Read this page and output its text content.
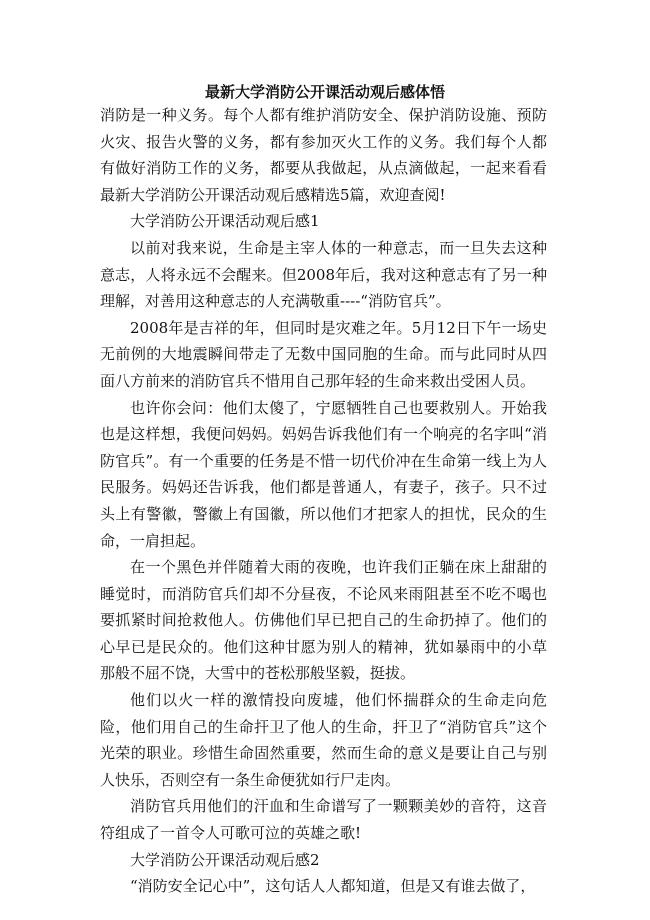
最新大学消防公开课活动观后感体悟

消防是一种义务。每个人都有维护消防安全、保护消防设施、预防火灾、报告火警的义务，都有参加灭火工作的义务。我们每个人都有做好消防工作的义务，都要从我做起，从点滴做起，一起来看看最新大学消防公开课活动观后感精选5篇，欢迎查阅!

大学消防公开课活动观后感1

以前对我来说，生命是主宰人体的一种意志，而一旦失去这种意志，人将永远不会醒来。但2008年后，我对这种意志有了另一种理解，对善用这种意志的人充满敬重----“消防官兵”。

2008年是吉祥的年，但同时是灾难之年。5月12日下午一场史无前例的大地震瞬间带走了无数中国同胞的生命。而与此同时从四面八方前来的消防官兵不惜用自己那年轻的生命来救出受困人员。

也许你会问：他们太傻了，宁愿牺牲自己也要救别人。开始我也是这样想，我便问妈妈。妈妈告诉我他们有一个响亮的名字叫“消防官兵”。有一个重要的任务是不惜一切代价冲在生命第一线上为人民服务。妈妈还告诉我，他们都是普通人，有妻子，孩子。只不过头上有警徽，警徽上有国徽，所以他们才把家人的担忧，民众的生命，一肩担起。

在一个黑色并伴随着大雨的夜晚，也许我们正躺在床上甜甜的睡觉时，而消防官兵们却不分昼夜，不论风来雨阻甚至不吃不喝也要抓紧时间抢救他人。仿佛他们早已把自己的生命扔掉了。他们的心早已是民众的。他们这种甘愿为别人的精神，犹如暴雨中的小草那般不屈不饶，大雪中的苍松那般坚毅，挺拔。

他们以火一样的激情投向废墟，他们怀揣群众的生命走向危险，他们用自己的生命扞卫了他人的生命，扞卫了“消防官兵”这个光荣的职业。珍惜生命固然重要，然而生命的意义是要让自己与别人快乐，否则空有一条生命便犹如行尸走肉。

消防官兵用他们的汗血和生命谱写了一颗颗美妙的音符，这音符组成了一首令人可歌可泣的英雄之歌!

大学消防公开课活动观后感2

“消防安全记心中”，这句话人人都知道，但是又有谁去做了，
